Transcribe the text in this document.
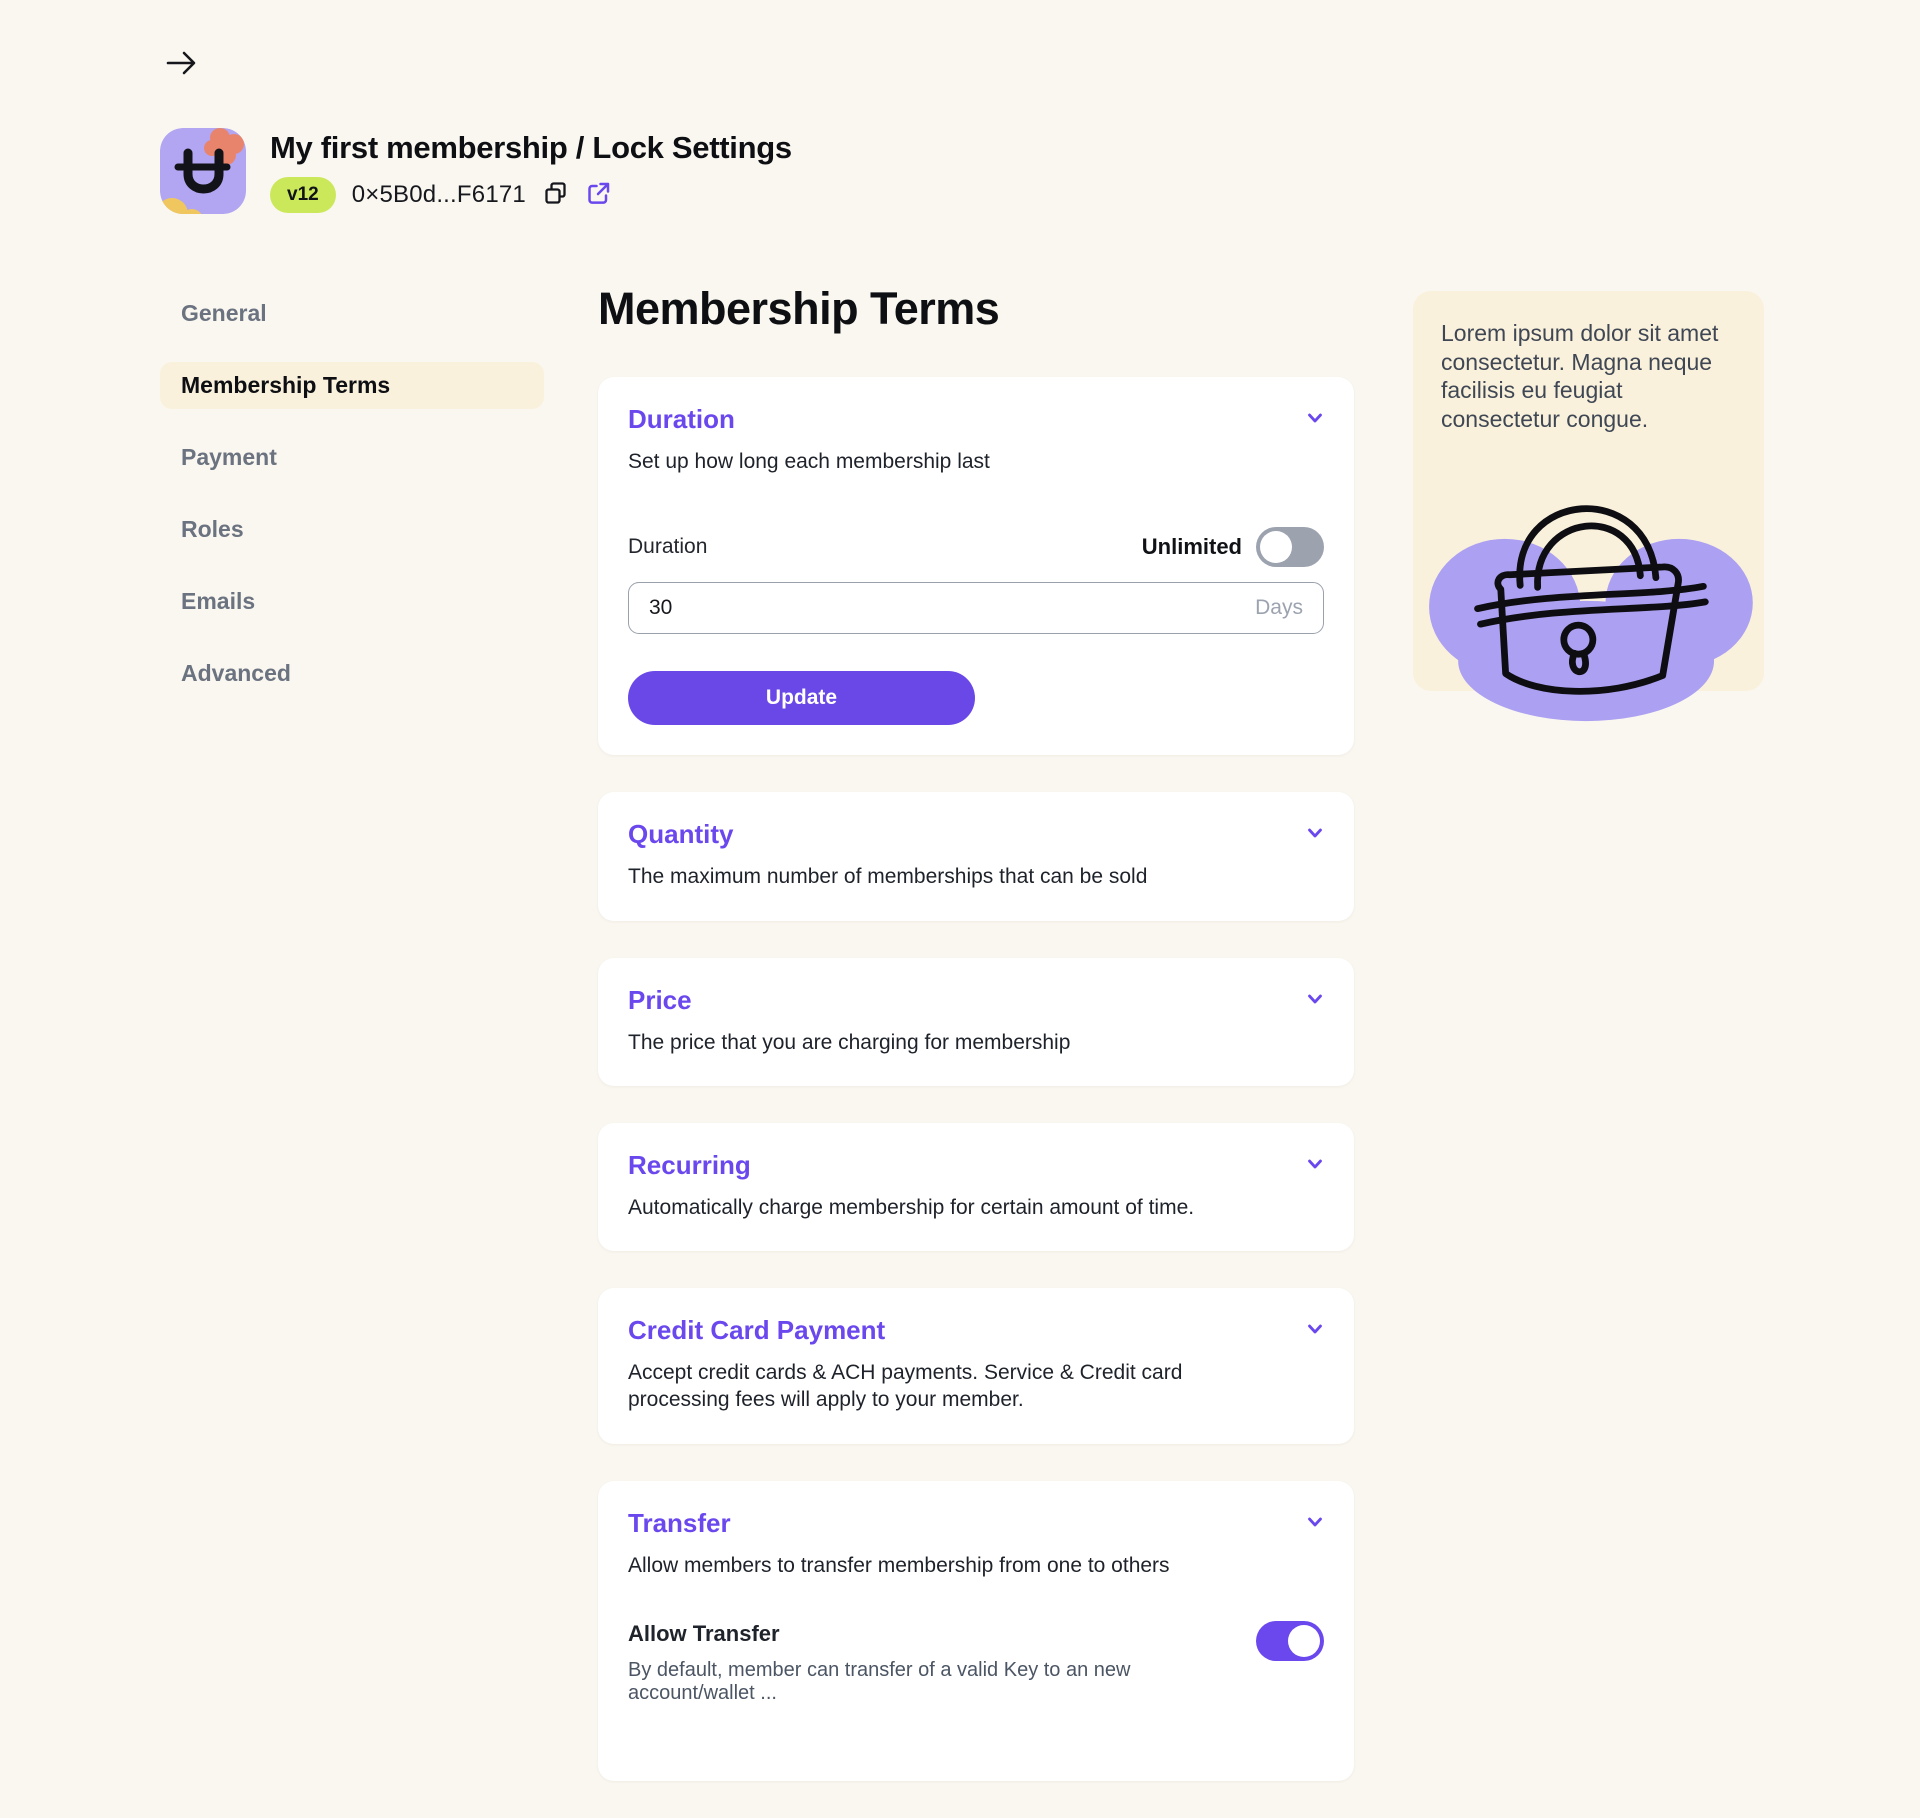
My first membership / Lock Settings
v12	0×5B0d...F6171
General
Membership Terms
Payment
Roles
Emails
Advanced
Membership Terms
Duration
Set up how long each membership last
Duration	Unlimited
30
Days
Update
Quantity
The maximum number of memberships that can be sold
Price
The price that you are charging for membership
Recurring
Automatically charge membership for certain amount of time.
Credit Card Payment
Accept credit cards & ACH payments. Service & Credit card processing fees will apply to your member.
Transfer
Allow members to transfer membership from one to others
Allow Transfer
By default, member can transfer of a valid Key to an new account/wallet ...

Lorem ipsum dolor sit amet consectetur. Magna neque facilisis eu feugiat consectetur congue.
